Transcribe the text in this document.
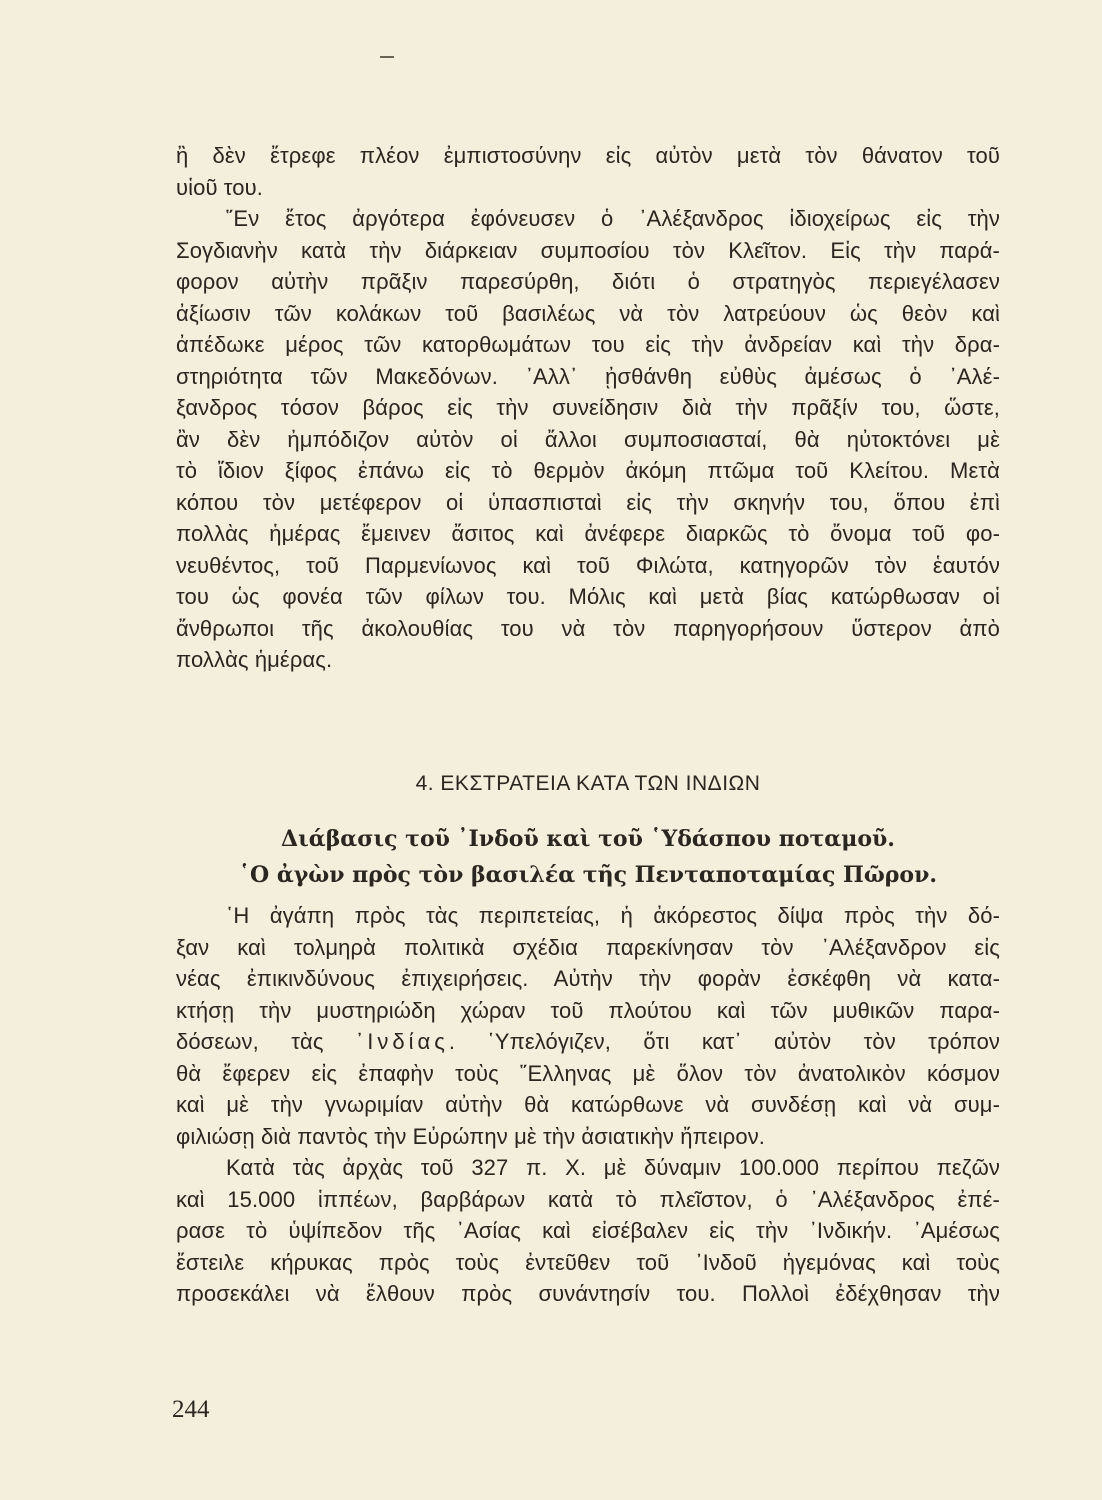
ἢ δὲν ἔτρεφε πλέον ἐμπιστοσύνην εἰς αὐτὸν μετὰ τὸν θάνατον τοῦ
υἱοῦ του.
῞Εν ἔτος ἀργότερα ἐφόνευσεν ὁ ᾿Αλέξανδρος ἰδιοχείρως εἰς τὴν
Σογδιανὴν κατὰ τὴν διάρκειαν συμποσίου τὸν Κλεῖτον. Εἰς τὴν παρά-
φορον αὐτὴν πρᾶξιν παρεσύρθη, διότι ὁ στρατηγὸς περιεγέλασεν
ἀξίωσιν τῶν κολάκων τοῦ βασιλέως νὰ τὸν λατρεύουν ὡς θεὸν καὶ
ἀπέδωκε μέρος τῶν κατορθωμάτων του εἰς τὴν ἀνδρείαν καὶ τὴν δρα-
στηριότητα τῶν Μακεδόνων. ᾿Αλλ᾿ ᾐσθάνθη εὐθὺς ἀμέσως ὁ ᾿Αλέ-
ξανδρος τόσον βάρος εἰς τὴν συνείδησιν διὰ τὴν πρᾶξίν του, ὥστε,
ἂν δὲν ἠμπόδιζον αὐτὸν οἱ ἄλλοι συμποσιασταί, θὰ ηὐτοκτόνει μὲ
τὸ ἴδιον ξίφος ἐπάνω εἰς τὸ θερμὸν ἀκόμη πτῶμα τοῦ Κλείτου. Μετὰ
κόπου τὸν μετέφερον οἱ ὑπασπισταὶ εἰς τὴν σκηνήν του, ὅπου ἐπὶ
πολλὰς ἡμέρας ἔμεινεν ἄσιτος καὶ ἀνέφερε διαρκῶς τὸ ὄνομα τοῦ φο-
νευθέντος, τοῦ Παρμενίωνος καὶ τοῦ Φιλώτα, κατηγορῶν τὸν ἑαυτόν
του ὡς φονέα τῶν φίλων του. Μόλις καὶ μετὰ βίας κατώρθωσαν οἱ
ἄνθρωποι τῆς ἀκολουθίας του νὰ τὸν παρηγορήσουν ὕστερον ἀπὸ
πολλὰς ἡμέρας.
4. ΕΚΣΤΡΑΤΕΙΑ ΚΑΤΑ ΤΩΝ ΙΝΔΙΩΝ
Διάβασις τοῦ ᾿Ινδοῦ καὶ τοῦ ῾Υδάσπου ποταμοῦ.
῾Ο ἀγὼν πρὸς τὸν βασιλέα τῆς Πενταποταμίας Πῶρον.
῾Η ἀγάπη πρὸς τὰς περιπετείας, ἡ ἀκόρεστος δίψα πρὸς τὴν δό-
ξαν καὶ τολμηρὰ πολιτικὰ σχέδια παρεκίνησαν τὸν ᾿Αλέξανδρον εἰς
νέας ἐπικινδύνους ἐπιχειρήσεις. Αὐτὴν τὴν φορὰν ἐσκέφθη νὰ κατα-
κτήσῃ τὴν μυστηριώδη χώραν τοῦ πλούτου καὶ τῶν μυθικῶν παρα-
δόσεων, τὰς ᾿Ινδίας. ῾Υπελόγιζεν, ὅτι κατ᾿ αὐτὸν τὸν τρόπον
θὰ ἔφερεν εἰς ἐπαφὴν τοὺς ῞Ελληνας μὲ ὅλον τὸν ἀνατολικὸν κόσμον
καὶ μὲ τὴν γνωριμίαν αὐτὴν θὰ κατώρθωνε νὰ συνδέσῃ καὶ νὰ συμ-
φιλιώσῃ διὰ παντὸς τὴν Εὐρώπην μὲ τὴν ἀσιατικὴν ἤπειρον.
Κατὰ τὰς ἀρχὰς τοῦ 327 π. Χ. μὲ δύναμιν 100.000 περίπου πεζῶν
καὶ 15.000 ἱππέων, βαρβάρων κατὰ τὸ πλεῖστον, ὁ ᾿Αλέξανδρος ἐπέ-
ρασε τὸ ὑψίπεδον τῆς ᾿Ασίας καὶ εἰσέβαλεν εἰς τὴν ᾿Ινδικήν. ᾿Αμέσως
ἔστειλε κήρυκας πρὸς τοὺς ἐντεῦθεν τοῦ ᾿Ινδοῦ ἡγεμόνας καὶ τοὺς
προσεκάλει νὰ ἔλθουν πρὸς συνάντησίν του. Πολλοὶ ἐδέχθησαν τὴν
244
